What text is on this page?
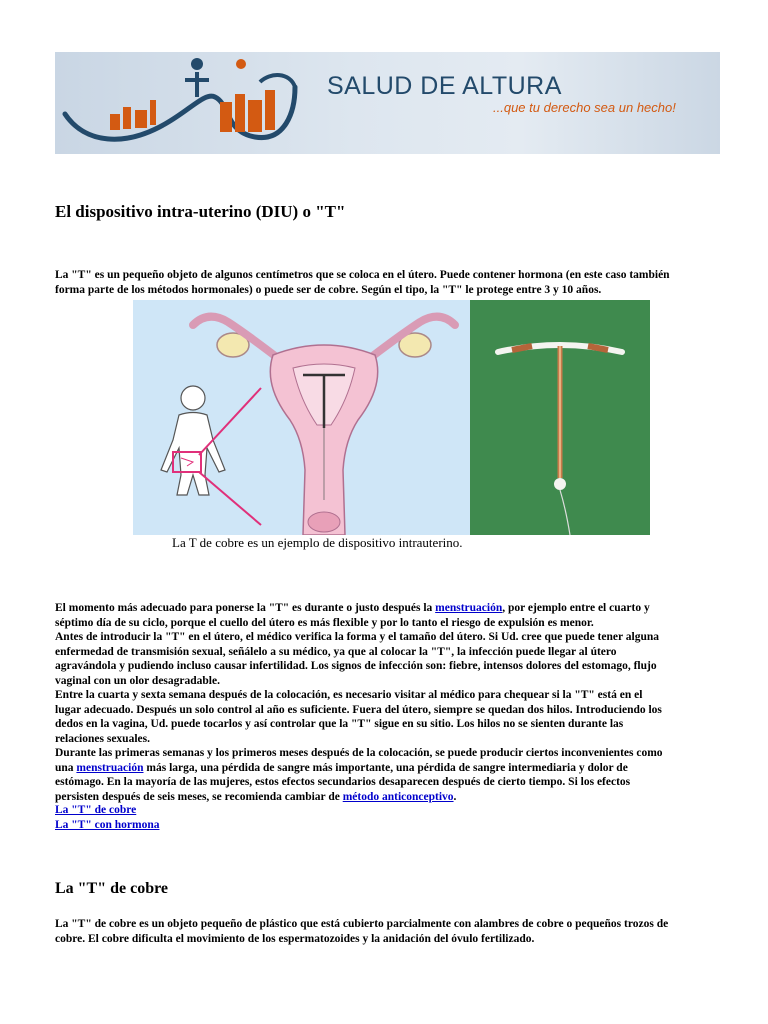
SALUD DE ALTURA
...que tu derecho sea un hecho!
El dispositivo intra-uterino (DIU) o "T"
La "T" es un pequeño objeto de algunos centímetros que se coloca en el útero. Puede contener hormona (en este caso también
forma parte de los métodos hormonales) o puede ser de cobre. Según el tipo, la "T" le protege entre 3 y 10 años.
La T de cobre es un ejemplo de dispositivo intrauterino.
El momento más adecuado para ponerse la "T" es durante o justo después la menstruación, por ejemplo entre el cuarto y
séptimo día de su ciclo, porque el cuello del útero es más flexible y por lo tanto el riesgo de expulsión es menor.
Antes de introducir la "T" en el útero, el médico verifica la forma y el tamaño del útero. Si Ud. cree que puede tener alguna
enfermedad de transmisión sexual, señálelo a su médico, ya que al colocar la "T", la infección puede llegar al útero
agravándola y pudiendo incluso causar infertilidad. Los signos de infección son: fiebre, intensos dolores del estomago, flujo
vaginal con un olor desagradable.
Entre la cuarta y sexta semana después de la colocación, es necesario visitar al médico para chequear si la "T" está en el
lugar adecuado. Después un solo control al año es suficiente. Fuera del útero, siempre se quedan dos hilos. Introduciendo los
dedos en la vagina, Ud. puede tocarlos y así controlar que la "T" sigue en su sitio. Los hilos no se sienten durante las
relaciones sexuales.
Durante las primeras semanas y los primeros meses después de la colocación, se puede producir ciertos inconvenientes como
una menstruación más larga, una pérdida de sangre más importante, una pérdida de sangre intermediaria y dolor de
estómago. En la mayoría de las mujeres, estos efectos secundarios desaparecen después de cierto tiempo. Si los efectos
persisten después de seis meses, se recomienda cambiar de método anticonceptivo.
La "T" de cobre
La "T" con hormona
La "T" de cobre
La "T" de cobre es un objeto pequeño de plástico que está cubierto parcialmente con alambres de cobre o pequeños trozos de
cobre. El cobre dificulta el movimiento de los espermatozoides y la anidación del óvulo fertilizado.
